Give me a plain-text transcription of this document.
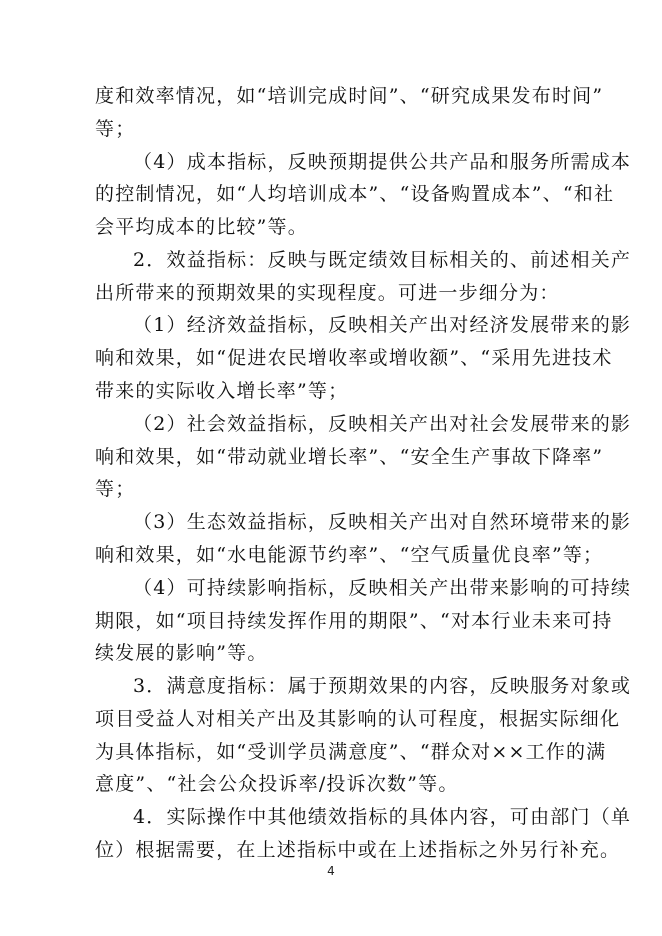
度和效率情况，如“培训完成时间”、“研究成果发布时间”
等；
（4）成本指标，反映预期提供公共产品和服务所需成本
的控制情况，如“人均培训成本”、“设备购置成本”、“和社
会平均成本的比较”等。
2．效益指标：反映与既定绩效目标相关的、前述相关产
出所带来的预期效果的实现程度。可进一步细分为：
（1）经济效益指标，反映相关产出对经济发展带来的影
响和效果，如“促进农民增收率或增收额”、“采用先进技术
带来的实际收入增长率”等；
（2）社会效益指标，反映相关产出对社会发展带来的影
响和效果，如“带动就业增长率”、“安全生产事故下降率”
等；
（3）生态效益指标，反映相关产出对自然环境带来的影
响和效果，如“水电能源节约率”、“空气质量优良率”等；
（4）可持续影响指标，反映相关产出带来影响的可持续
期限，如“项目持续发挥作用的期限”、“对本行业未来可持
续发展的影响”等。
3．满意度指标：属于预期效果的内容，反映服务对象或
项目受益人对相关产出及其影响的认可程度，根据实际细化
为具体指标，如“受训学员满意度”、“群众对××工作的满
意度”、“社会公众投诉率/投诉次数”等。
4．实际操作中其他绩效指标的具体内容，可由部门（单
位）根据需要，在上述指标中或在上述指标之外另行补充。
4
